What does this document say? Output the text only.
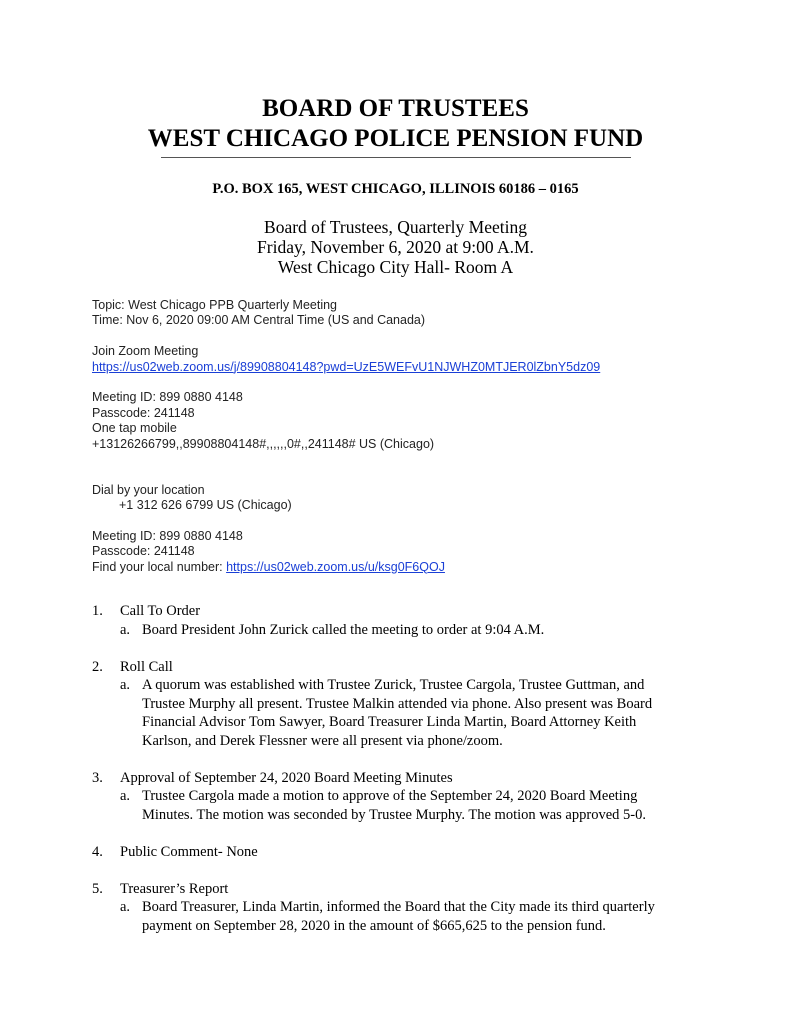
BOARD OF TRUSTEES
WEST CHICAGO POLICE PENSION FUND

P.O. BOX 165, WEST CHICAGO, ILLINOIS 60186 – 0165

Board of Trustees, Quarterly Meeting
Friday, November 6, 2020 at 9:00 A.M.
West Chicago City Hall- Room A
Topic: West Chicago PPB Quarterly Meeting
Time: Nov 6, 2020 09:00 AM Central Time (US and Canada)
Join Zoom Meeting
https://us02web.zoom.us/j/89908804148?pwd=UzE5WEFvU1NJWHZ0MTJER0lZbnY5dz09
Meeting ID: 899 0880 4148
Passcode: 241148
One tap mobile
+13126266799,,89908804148#,,,,,,0#,,241148# US (Chicago)
Dial by your location
+1 312 626 6799 US (Chicago)
Meeting ID: 899 0880 4148
Passcode: 241148
Find your local number: https://us02web.zoom.us/u/ksg0F6QOJ
1.	Call To Order
a. Board President John Zurick called the meeting to order at 9:04 A.M.
2.	Roll Call
a. A quorum was established with Trustee Zurick, Trustee Cargola, Trustee Guttman, and
Trustee Murphy all present. Trustee Malkin attended via phone. Also present was Board
Financial Advisor Tom Sawyer, Board Treasurer Linda Martin, Board Attorney Keith
Karlson, and Derek Flessner were all present via phone/zoom.
3.	Approval of September 24, 2020 Board Meeting Minutes
a. Trustee Cargola made a motion to approve of the September 24, 2020 Board Meeting
Minutes. The motion was seconded by Trustee Murphy. The motion was approved 5-0.
4.	Public Comment- None
5.	Treasurer’s Report
a. Board Treasurer, Linda Martin, informed the Board that the City made its third quarterly
payment on September 28, 2020 in the amount of $665,625 to the pension fund.
